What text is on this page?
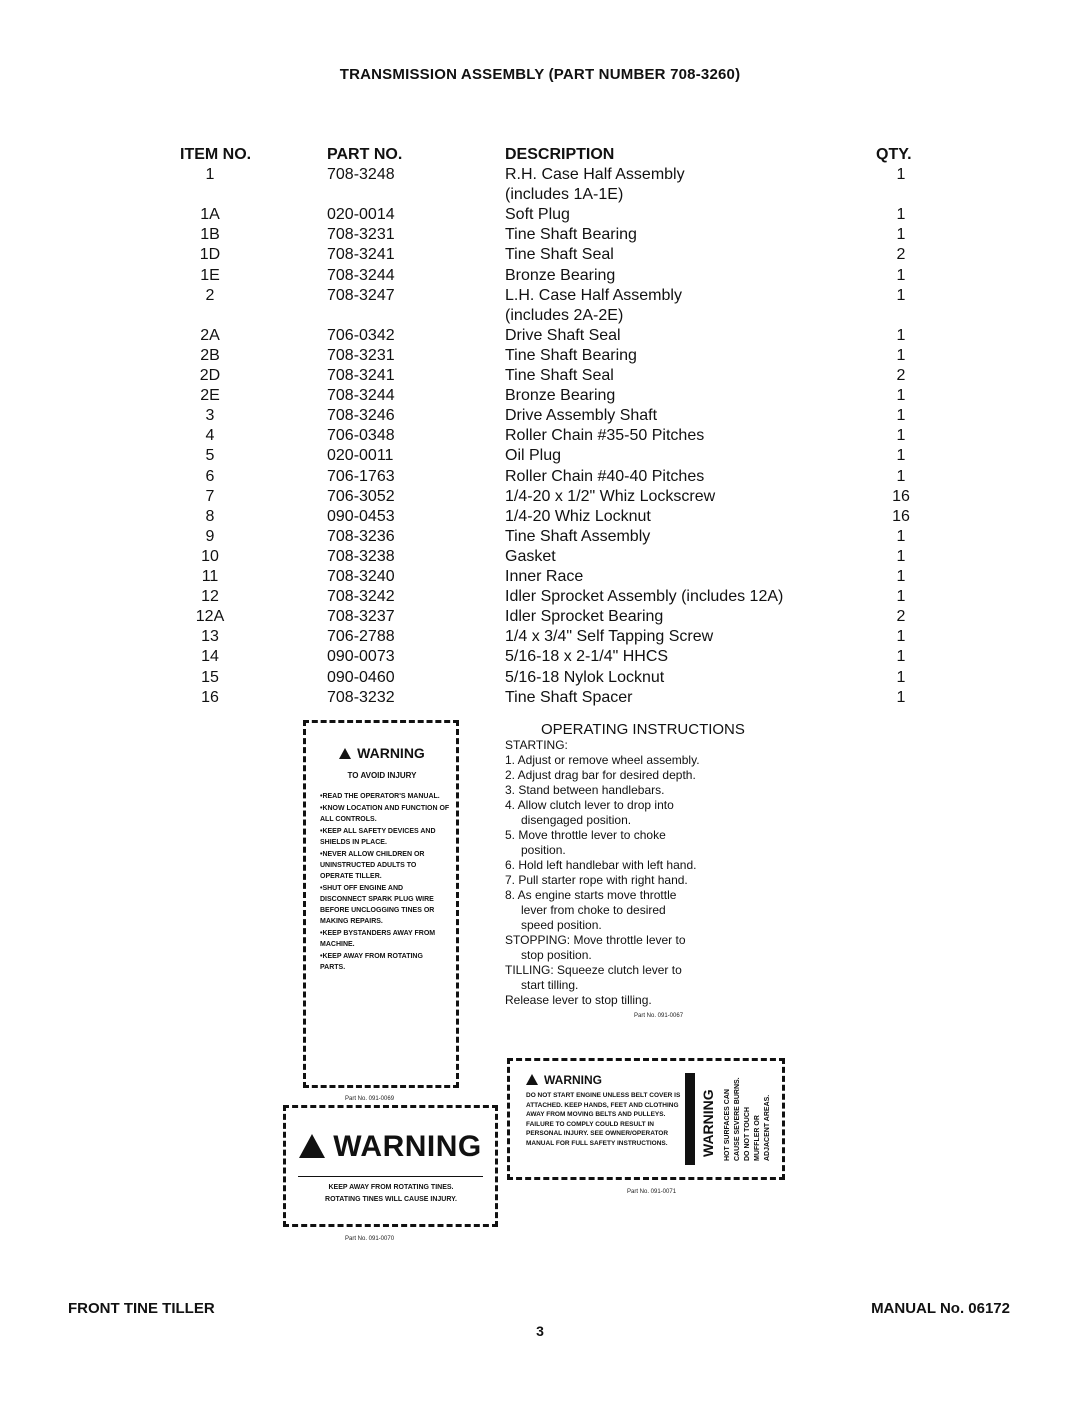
TRANSMISSION ASSEMBLY (PART NUMBER 708-3260)
ITEM NO.	PART NO.	DESCRIPTION	QTY.
1	708-3248	R.H. Case Half Assembly	1
(includes 1A-1E)
1A	020-0014	Soft Plug	1
1B	708-3231	Tine Shaft Bearing	1
1D	708-3241	Tine Shaft Seal	2
1E	708-3244	Bronze Bearing	1
2	708-3247	L.H. Case Half Assembly	1
(includes 2A-2E)
2A	706-0342	Drive Shaft Seal	1
2B	708-3231	Tine Shaft Bearing	1
2D	708-3241	Tine Shaft Seal	2
2E	708-3244	Bronze Bearing	1
3	708-3246	Drive Assembly Shaft	1
4	706-0348	Roller Chain #35-50 Pitches	1
5	020-0011	Oil Plug	1
6	706-1763	Roller Chain #40-40 Pitches	1
7	706-3052	1/4-20 x 1/2" Whiz Lockscrew	16
8	090-0453	1/4-20 Whiz Locknut	16
9	708-3236	Tine Shaft Assembly	1
10	708-3238	Gasket	1
11	708-3240	Inner Race	1
12	708-3242	Idler Sprocket Assembly (includes 12A)	1
12A	708-3237	Idler Sprocket Bearing	2
13	706-2788	1/4 x 3/4" Self Tapping Screw	1
14	090-0073	5/16-18 x 2-1/4" HHCS	1
15	090-0460	5/16-18 Nylok Locknut	1
16	708-3232	Tine Shaft Spacer	1
WARNING
TO AVOID INJURY
•READ THE OPERATOR'S MANUAL.
•KNOW LOCATION AND FUNCTION OF ALL CONTROLS.
•KEEP ALL SAFETY DEVICES AND SHIELDS IN PLACE.
•NEVER ALLOW CHILDREN OR UNINSTRUCTED ADULTS TO OPERATE TILLER.
•SHUT OFF ENGINE AND DISCONNECT SPARK PLUG WIRE BEFORE UNCLOGGING TINES OR MAKING REPAIRS.
•KEEP BYSTANDERS AWAY FROM MACHINE.
•KEEP AWAY FROM ROTATING PARTS.
Part No. 091-0069
WARNING
KEEP AWAY FROM ROTATING TINES.
ROTATING TINES WILL CAUSE INJURY.
Part No. 091-0070
OPERATING INSTRUCTIONS
STARTING:
1. Adjust or remove wheel assembly.
2. Adjust drag bar for desired depth.
3. Stand between handlebars.
4. Allow clutch lever to drop into
disengaged position.
5. Move throttle lever to choke
position.
6. Hold left handlebar with left hand.
7. Pull starter rope with right hand.
8. As engine starts move throttle
lever from choke to desired
speed position.
STOPPING: Move throttle lever to
stop position.
TILLING: Squeeze clutch lever to
start tilling.
Release lever to stop tilling.
Part No. 091-0067
WARNING
DO NOT START ENGINE UNLESS BELT COVER IS ATTACHED. KEEP HANDS, FEET AND CLOTHING AWAY FROM MOVING BELTS AND PULLEYS. FAILURE TO COMPLY COULD RESULT IN PERSONAL INJURY. SEE OWNER/OPERATOR MANUAL FOR FULL SAFETY INSTRUCTIONS.	WARNING HOT SURFACES CAN CAUSE SEVERE BURNS. DO NOT TOUCH MUFFLER OR ADJACENT AREAS.
Part No. 091-0071
FRONT TINE TILLER	MANUAL No. 06172
3
